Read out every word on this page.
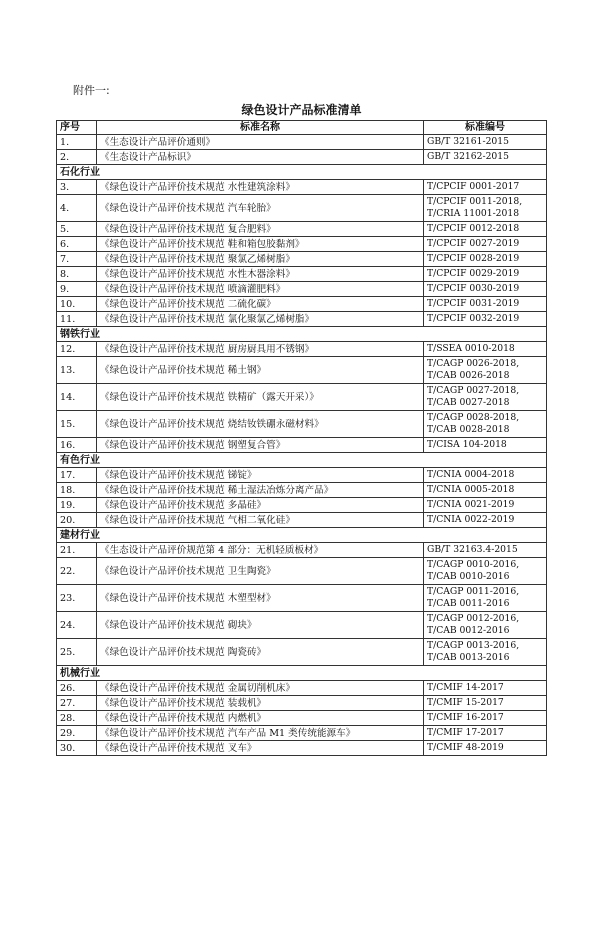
附件一:
绿色设计产品标准清单		
序号	标准名称	标准编号
1.	《生态设计产品评价通则》	GB/T 32161-2015

2.	《生态设计产品标识》	GB/T 32162-2015

石化行业		
3.	《绿色设计产品评价技术规范 水性建筑涂料》	T/CPCIF 0001-2017

4.	《绿色设计产品评价技术规范 汽车轮胎》	T/CPCIF 0011-2018,
T/CRIA 11001-2018

5.	《绿色设计产品评价技术规范 复合肥料》	T/CPCIF 0012-2018

6.	《绿色设计产品评价技术规范 鞋和箱包胶黏剂》	T/CPCIF 0027-2019

7.	《绿色设计产品评价技术规范 聚氯乙烯树脂》	T/CPCIF 0028-2019

8.	《绿色设计产品评价技术规范 水性木器涂料》	T/CPCIF 0029-2019

9.	《绿色设计产品评价技术规范 喷滴灌肥料》	T/CPCIF 0030-2019

10.	《绿色设计产品评价技术规范 二硫化碳》	T/CPCIF 0031-2019

11.	《绿色设计产品评价技术规范 氯化聚氯乙烯树脂》	T/CPCIF 0032-2019

钢铁行业		
12.	《绿色设计产品评价技术规范 厨房厨具用不锈钢》	T/SSEA 0010-2018

13.	《绿色设计产品评价技术规范 稀土钢》	T/CAGP 0026-2018,
T/CAB 0026-2018

14.	《绿色设计产品评价技术规范 铁精矿（露天开采）》	T/CAGP 0027-2018,
T/CAB 0027-2018

15.	《绿色设计产品评价技术规范 烧结钕铁硼永磁材料》	T/CAGP 0028-2018,
T/CAB 0028-2018

16.	《绿色设计产品评价技术规范 钢塑复合管》	T/CISA 104-2018

有色行业		
17.	《绿色设计产品评价技术规范 锑锭》	T/CNIA 0004-2018

18.	《绿色设计产品评价技术规范 稀土湿法冶炼分离产品》	T/CNIA 0005-2018

19.	《绿色设计产品评价技术规范 多晶硅》	T/CNIA 0021-2019

20.	《绿色设计产品评价技术规范 气相二氧化硅》	T/CNIA 0022-2019

建材行业		
21.	《生态设计产品评价规范第 4 部分：无机轻质板材》	GB/T 32163.4-2015

22.	《绿色设计产品评价技术规范 卫生陶瓷》	T/CAGP 0010-2016,
T/CAB 0010-2016

23.	《绿色设计产品评价技术规范 木塑型材》	T/CAGP 0011-2016,
T/CAB 0011-2016

24.	《绿色设计产品评价技术规范 砌块》	T/CAGP 0012-2016,
T/CAB 0012-2016

25.	《绿色设计产品评价技术规范 陶瓷砖》	T/CAGP 0013-2016,
T/CAB 0013-2016

机械行业		
26.	《绿色设计产品评价技术规范 金属切削机床》	T/CMIF 14-2017

27.	《绿色设计产品评价技术规范 装载机》	T/CMIF 15-2017

28.	《绿色设计产品评价技术规范 内燃机》	T/CMIF 16-2017

29.	《绿色设计产品评价技术规范 汽车产品 M1 类传统能源车》	T/CMIF 17-2017

30.	《绿色设计产品评价技术规范 叉车》	T/CMIF 48-2019
